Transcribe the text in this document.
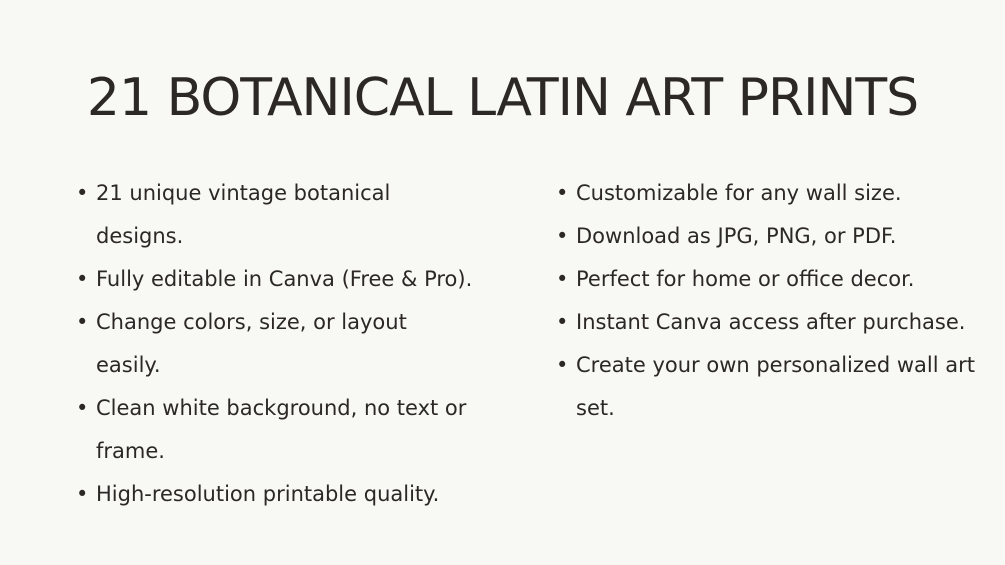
21 BOTANICAL LATIN ART PRINTS
• 21 unique vintage botanical designs.
• Fully editable in Canva (Free & Pro).
• Change colors, size, or layout easily.
• Clean white background, no text or frame.
• High-resolution printable quality.
• Customizable for any wall size.
• Download as JPG, PNG, or PDF.
• Perfect for home or office decor.
• Instant Canva access after purchase.
• Create your own personalized wall art set.
